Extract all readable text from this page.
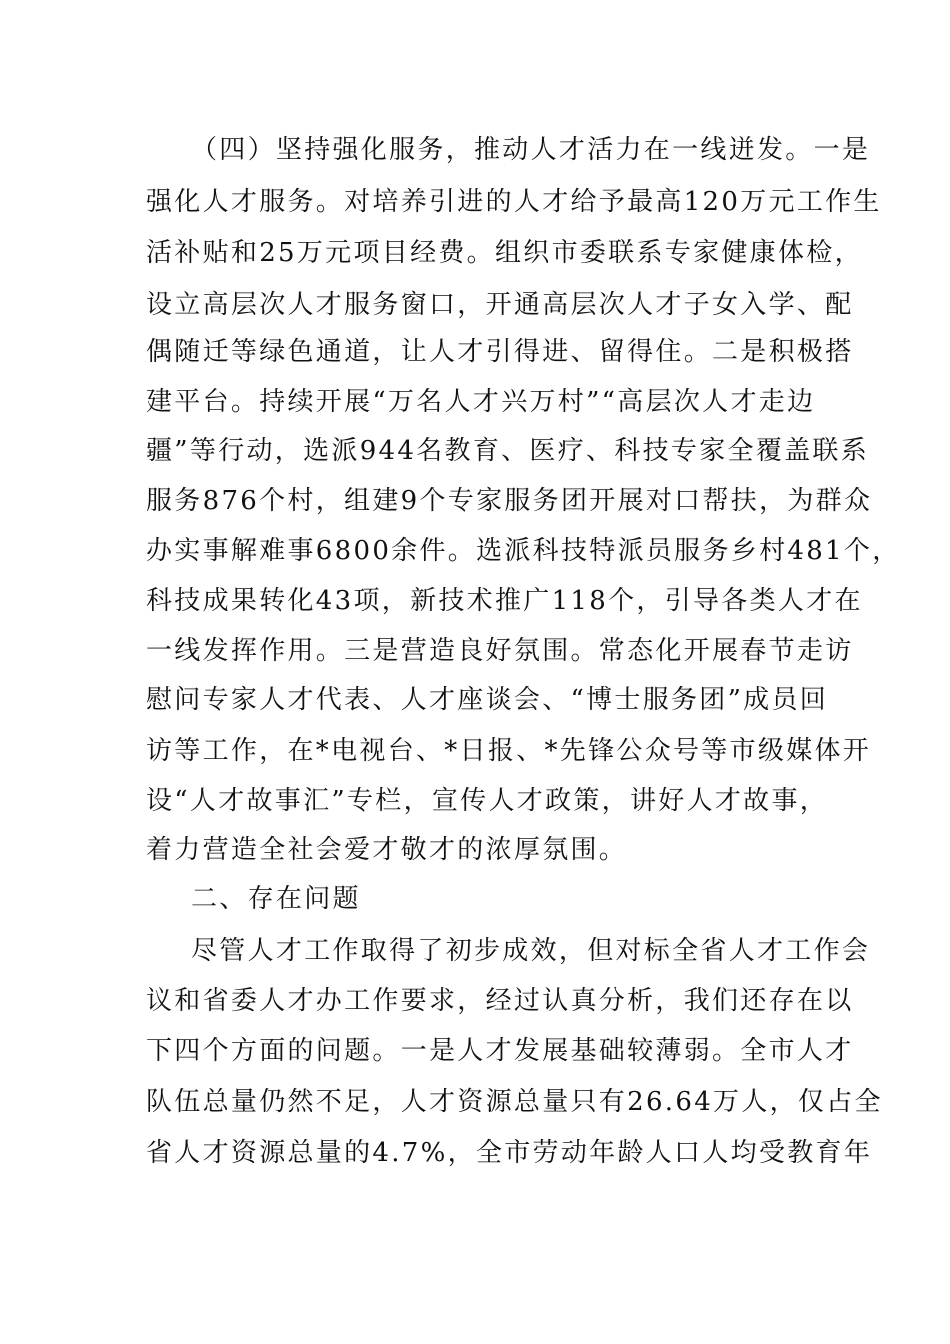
（四）坚持强化服务，推动人才活力在一线迸发。一是
强化人才服务。对培养引进的人才给予最高120万元工作生
活补贴和25万元项目经费。组织市委联系专家健康体检，
设立高层次人才服务窗口，开通高层次人才子女入学、配
偶随迁等绿色通道，让人才引得进、留得住。二是积极搭
建平台。持续开展“万名人才兴万村”“高层次人才走边
疆”等行动，选派944名教育、医疗、科技专家全覆盖联系
服务876个村，组建9个专家服务团开展对口帮扶，为群众
办实事解难事6800余件。选派科技特派员服务乡村481个，
科技成果转化43项，新技术推广118个，引导各类人才在
一线发挥作用。三是营造良好氛围。常态化开展春节走访
慰问专家人才代表、人才座谈会、“博士服务团”成员回
访等工作，在*电视台、*日报、*先锋公众号等市级媒体开
设“人才故事汇”专栏，宣传人才政策，讲好人才故事，
着力营造全社会爱才敬才的浓厚氛围。
二、存在问题
尽管人才工作取得了初步成效，但对标全省人才工作会
议和省委人才办工作要求，经过认真分析，我们还存在以
下四个方面的问题。一是人才发展基础较薄弱。全市人才
队伍总量仍然不足，人才资源总量只有26.64万人，仅占全
省人才资源总量的4.7%，全市劳动年龄人口人均受教育年
